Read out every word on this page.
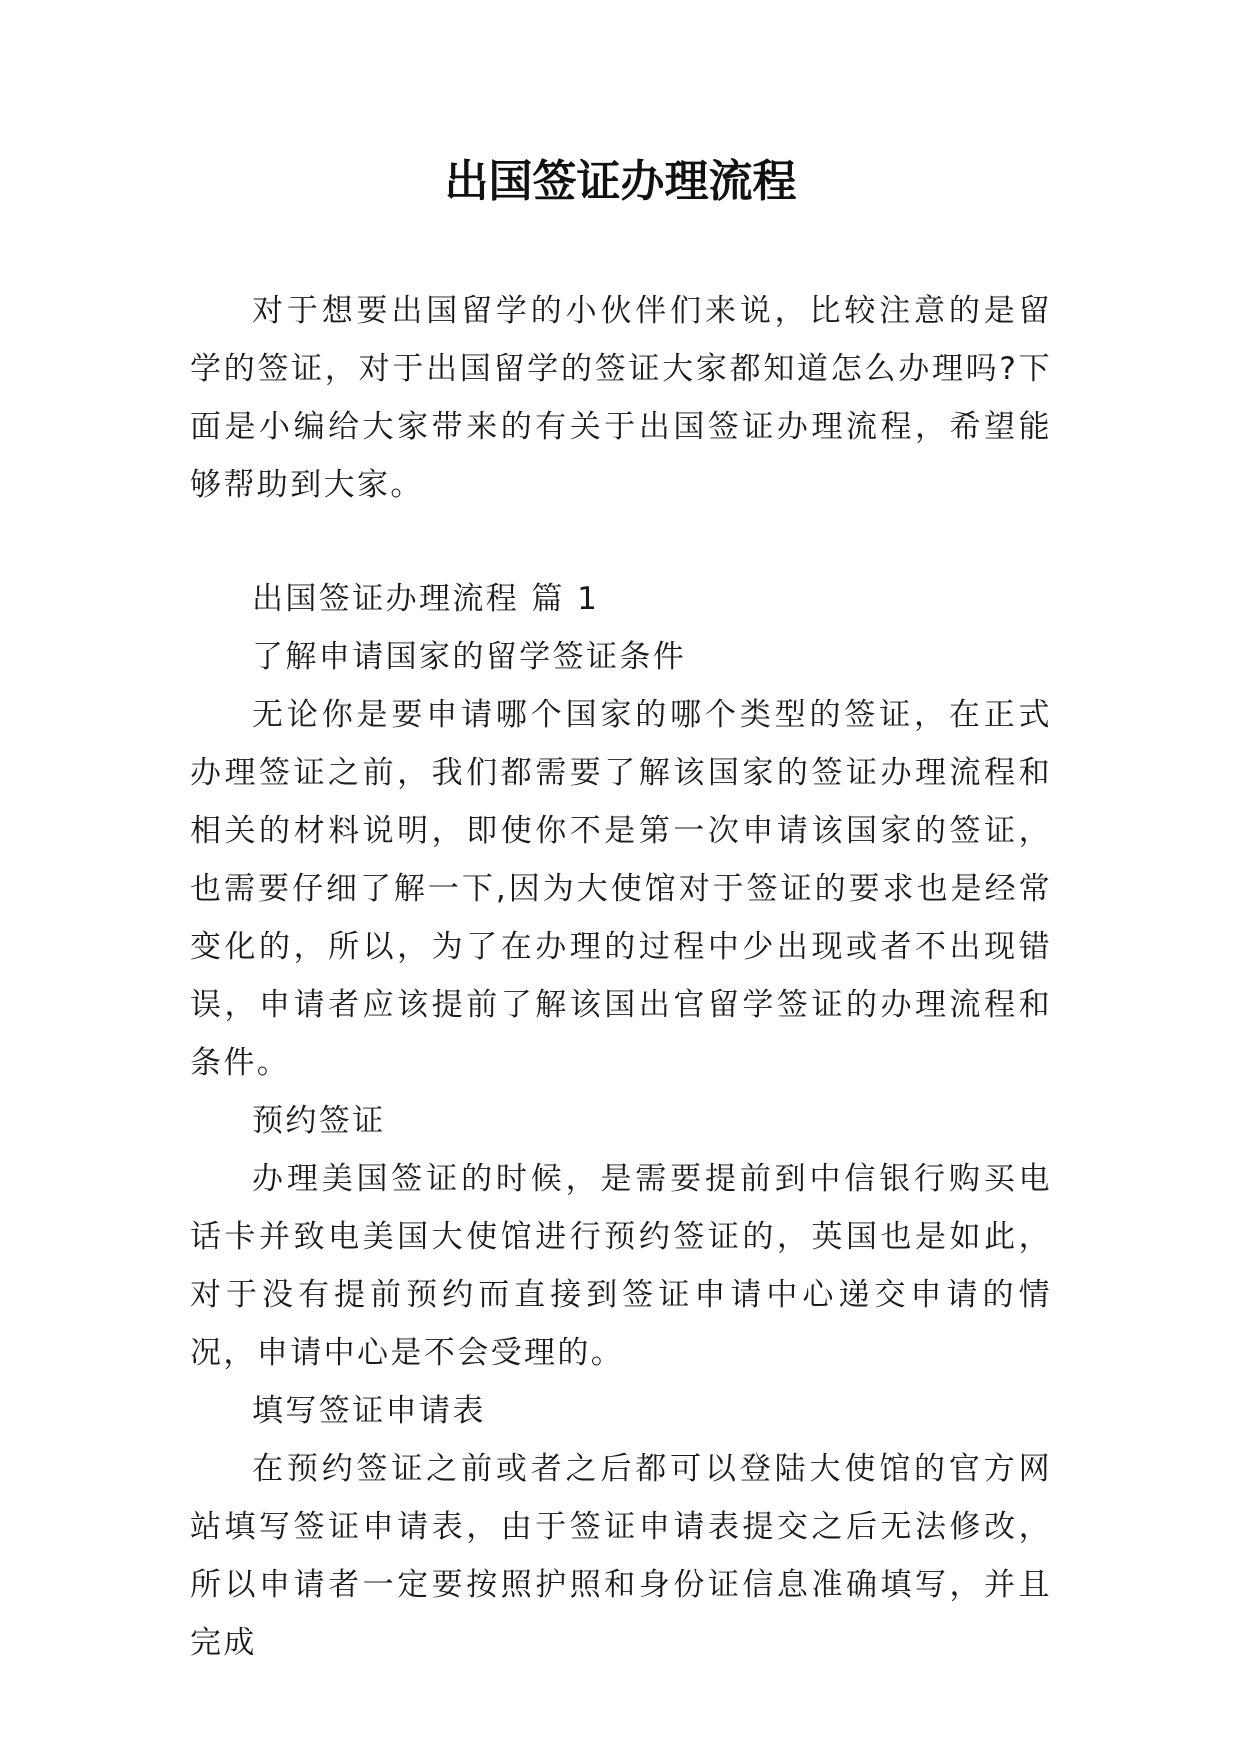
出国签证办理流程

对于想要出国留学的小伙伴们来说，比较注意的是留学的签证，对于出国留学的签证大家都知道怎么办理吗?下面是小编给大家带来的有关于出国签证办理流程，希望能够帮助到大家。

出国签证办理流程 篇 1

了解申请国家的留学签证条件

无论你是要申请哪个国家的哪个类型的签证，在正式办理签证之前，我们都需要了解该国家的签证办理流程和相关的材料说明，即使你不是第一次申请该国家的签证，也需要仔细了解一下,因为大使馆对于签证的要求也是经常变化的，所以，为了在办理的过程中少出现或者不出现错误，申请者应该提前了解该国出官留学签证的办理流程和条件。

预约签证

办理美国签证的时候，是需要提前到中信银行购买电话卡并致电美国大使馆进行预约签证的，英国也是如此，对于没有提前预约而直接到签证申请中心递交申请的情况，申请中心是不会受理的。

填写签证申请表

在预约签证之前或者之后都可以登陆大使馆的官方网站填写签证申请表，由于签证申请表提交之后无法修改，所以申请者一定要按照护照和身份证信息准确填写，并且完成
